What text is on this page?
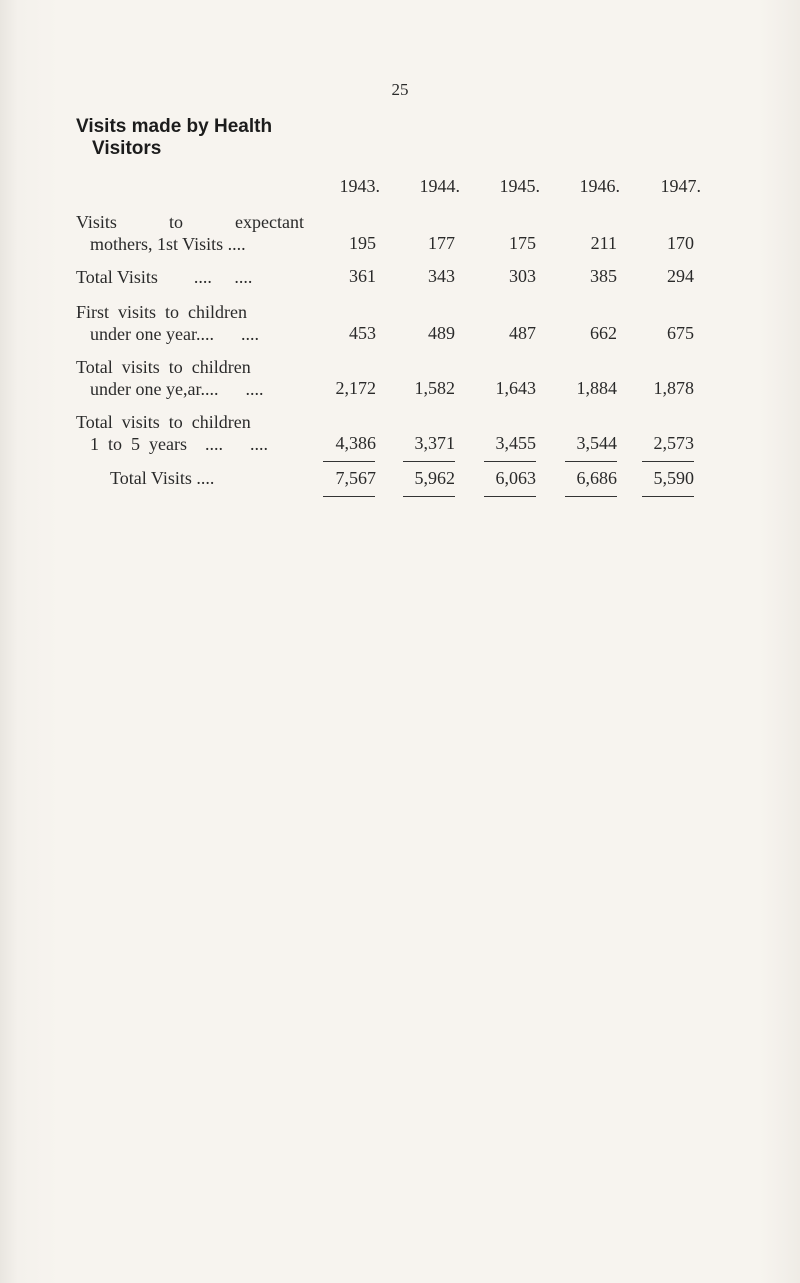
25
Visits made by Health
Visitors
1943.	1944.	1945.	1946.	1947.
Visits	to	expectant
mothers, 1st Visits ....	195	177	175	211	170
Total Visits        ....     ....	361	343	303	385	294
First  visits  to  children
under one year....      ....	453	489	487	662	675
Total  visits  to  children
under one ye,ar....      ....	2,172	1,582	1,643	1,884	1,878
Total  visits  to  children
1  to  5  years    ....      ....	4,386	3,371	3,455	3,544	2,573
Total Visits ....	7,567	5,962	6,063	6,686	5,590
